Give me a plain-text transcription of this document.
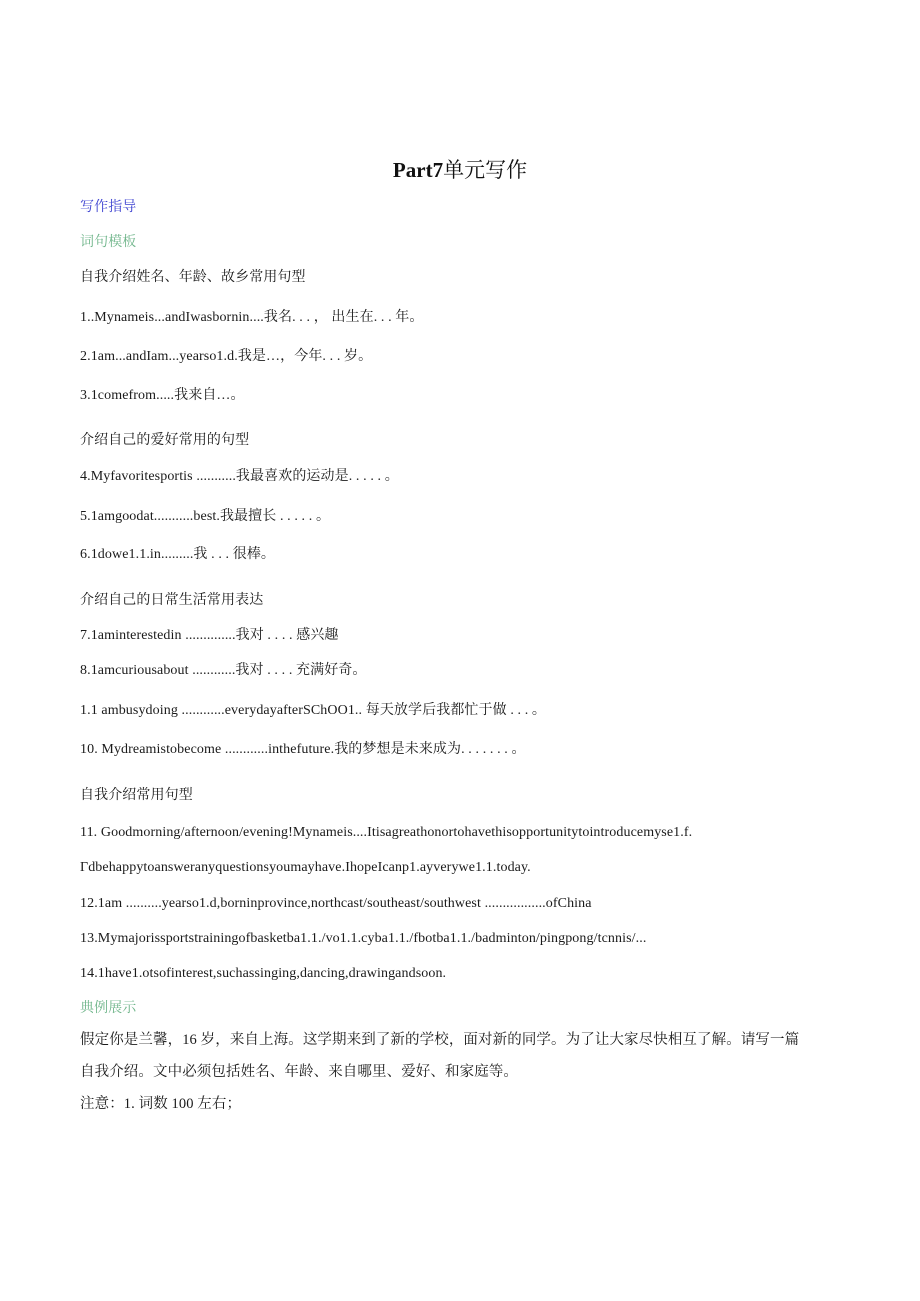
Part7单元写作
写作指导
词句模板
自我介绍姓名、年龄、故乡常用句型
1..Mynameis...andIwasbornin....我名. . . ， 出生在. . . 年。
2.1am...andIam...yearso1.d.我是…，今年. . . 岁。
3.1comefrom.....我来自…。
介绍自己的爱好常用的句型
4.Myfavoritesportis ...........我最喜欢的运动是. . . . . 。
5.1amgoodat...........best.我最擅长 . . . . . 。
6.1dowe1.1.in.........我 . . . 很棒。
介绍自己的日常生活常用表达
7.1aminterestedin ..............我对 . . . . 感兴趣
8.1amcuriousabout ............我对 . . . . 充满好奇。
1.1 ambusydoing ............everydayafterSChOO1.. 每天放学后我都忙于做 . . . 。
10. Mydreamistobecome ............inthefuture.我的梦想是未来成为. . . . . . . 。
自我介绍常用句型
11. Goodmorning/afternoon/evening!Mynameis....Itisagreathonortohavethisopportunitytointroducemyse1.f.
Γdbehappytoansweranyquestionsyoumayhave.IhopeIcanp1.ayverywe1.1.today.
12.1am ..........yearso1.d,borninprovince,northcast/southeast/southwest .................ofChina
13.Mymajorissportstrainingofbasketba1.1./vo1.1.cyba1.1./fbotba1.1./badminton/pingpong/tcnnis/...
14.1have1.otsofinterest,suchassinging,dancing,drawingandsoon.
典例展示
假定你是兰馨，16 岁，来自上海。这学期来到了新的学校，面对新的同学。为了让大家尽快相互了解。请写一篇
自我介绍。文中必须包括姓名、年龄、来自哪里、爱好、和家庭等。
注意：1. 词数 100 左右；
